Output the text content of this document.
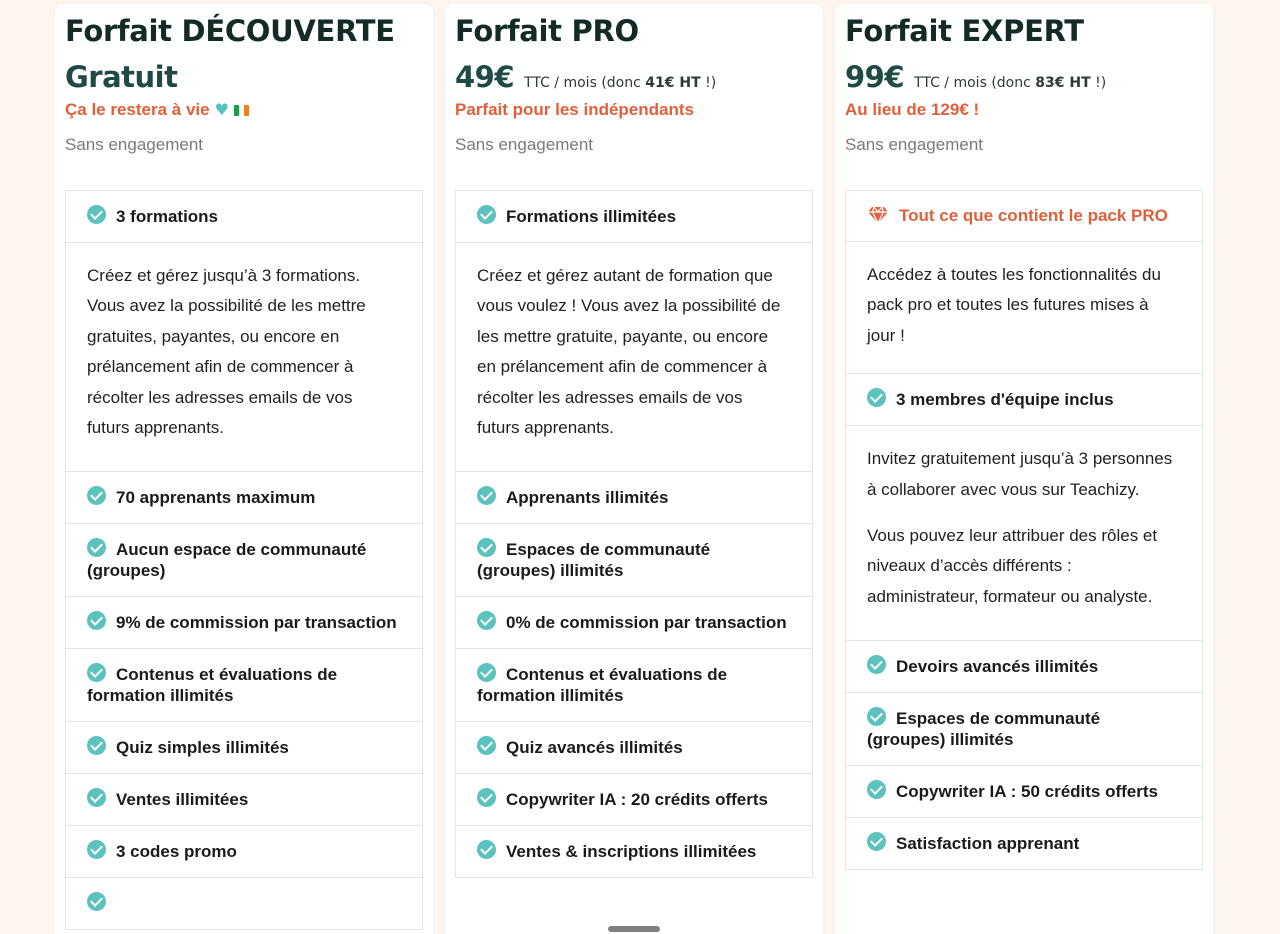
Forfait DÉCOUVERTE
Gratuit
Ça le restera à vie ♥
Sans engagement
3 formations

Créez et gérez jusqu’à 3 formations. Vous avez la possibilité de les mettre gratuites, payantes, ou encore en prélancement afin de commencer à récolter les adresses emails de vos futurs apprenants.

70 apprenants maximum
Aucun espace de communauté (groupes)
9% de commission par transaction
Contenus et évaluations de formation illimités
Quiz simples illimités
Ventes illimitées
3 codes promo
Forfait PRO
49€ TTC / mois (donc 41€ HT !)
Parfait pour les indépendants
Sans engagement
Formations illimitées

Créez et gérez autant de formation que vous voulez ! Vous avez la possibilité de les mettre gratuite, payante, ou encore en prélancement afin de commencer à récolter les adresses emails de vos futurs apprenants.

Apprenants illimités
Espaces de communauté (groupes) illimités
0% de commission par transaction
Contenus et évaluations de formation illimités
Quiz avancés illimités
Copywriter IA : 20 crédits offerts
Ventes & inscriptions illimitées
Forfait EXPERT
99€ TTC / mois (donc 83€ HT !)
Au lieu de 129€ !
Sans engagement
Tout ce que contient le pack PRO

Accédez à toutes les fonctionnalités du pack pro et toutes les futures mises à jour !

3 membres d'équipe inclus

Invitez gratuitement jusqu’à 3 personnes à collaborer avec vous sur Teachizy.

Vous pouvez leur attribuer des rôles et niveaux d’accès différents : administrateur, formateur ou analyste.

Devoirs avancés illimités
Espaces de communauté (groupes) illimités
Copywriter IA : 50 crédits offerts
Satisfaction apprenant
